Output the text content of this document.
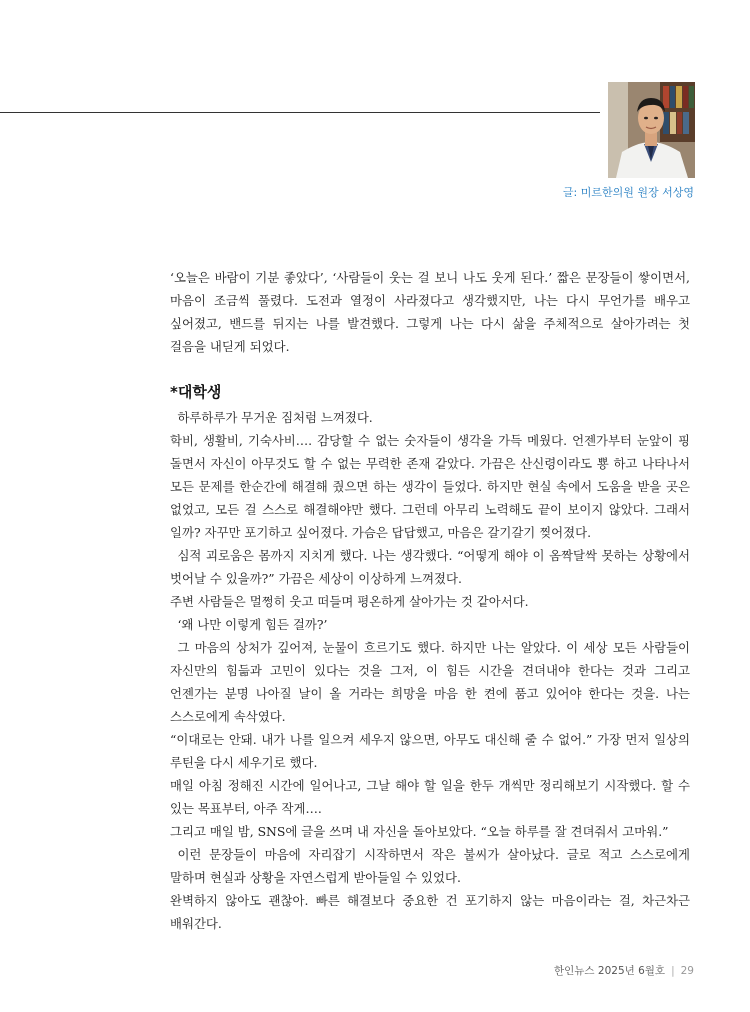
글: 미르한의원 원장 서상영

‘오늘은 바람이 기분 좋았다’, ‘사람들이 웃는 걸 보니 나도 웃게 된다.’ 짧은 문장들이 쌓이면서, 마음이 조금씩 풀렸다. 도전과 열정이 사라졌다고 생각했지만, 나는 다시 무언가를 배우고 싶어졌고, 밴드를 뒤지는 나를 발견했다. 그렇게 나는 다시 삶을 주체적으로 살아가려는 첫 걸음을 내딛게 되었다.

*대학생

하루하루가 무거운 짐처럼 느껴졌다.

학비, 생활비, 기숙사비…. 감당할 수 없는 숫자들이 생각을 가득 메웠다. 언젠가부터 눈앞이 핑 돌면서 자신이 아무것도 할 수 없는 무력한 존재 같았다. 가끔은 산신령이라도 뿅 하고 나타나서 모든 문제를 한순간에 해결해 줬으면 하는 생각이 들었다. 하지만 현실 속에서 도움을 받을 곳은 없었고, 모든 걸 스스로 해결해야만 했다. 그런데 아무리 노력해도 끝이 보이지 않았다. 그래서 일까? 자꾸만 포기하고 싶어졌다. 가슴은 답답했고, 마음은 갈기갈기 찢어졌다.

심적 괴로움은 몸까지 지치게 했다. 나는 생각했다. “어떻게 해야 이 옴짝달싹 못하는 상황에서 벗어날 수 있을까?” 가끔은 세상이 이상하게 느껴졌다.

주변 사람들은 멀쩡히 웃고 떠들며 평온하게 살아가는 것 같아서다.

‘왜 나만 이렇게 힘든 걸까?’

그 마음의 상처가 깊어져, 눈물이 흐르기도 했다. 하지만 나는 알았다. 이 세상 모든 사람들이 자신만의 힘듦과 고민이 있다는 것을 그저, 이 힘든 시간을 견뎌내야 한다는 것과 그리고 언젠가는 분명 나아질 날이 올 거라는 희망을 마음 한 켠에 품고 있어야 한다는 것을. 나는 스스로에게 속삭였다.

“이대로는 안돼. 내가 나를 일으켜 세우지 않으면, 아무도 대신해 줄 수 없어.” 가장 먼저 일상의 루틴을 다시 세우기로 했다.

매일 아침 정해진 시간에 일어나고, 그날 해야 할 일을 한두 개씩만 정리해보기 시작했다. 할 수 있는 목표부터, 아주 작게….

그리고 매일 밤, SNS에 글을 쓰며 내 자신을 돌아보았다. “오늘 하루를 잘 견뎌줘서 고마워.”

이런 문장들이 마음에 자리잡기 시작하면서 작은 불씨가 살아났다. 글로 적고 스스로에게 말하며 현실과 상황을 자연스럽게 받아들일 수 있었다.

완벽하지 않아도 괜찮아. 빠른 해결보다 중요한 건 포기하지 않는 마음이라는 걸, 차근차근 배워간다.

한인뉴스 2025년 6월호 | 29
